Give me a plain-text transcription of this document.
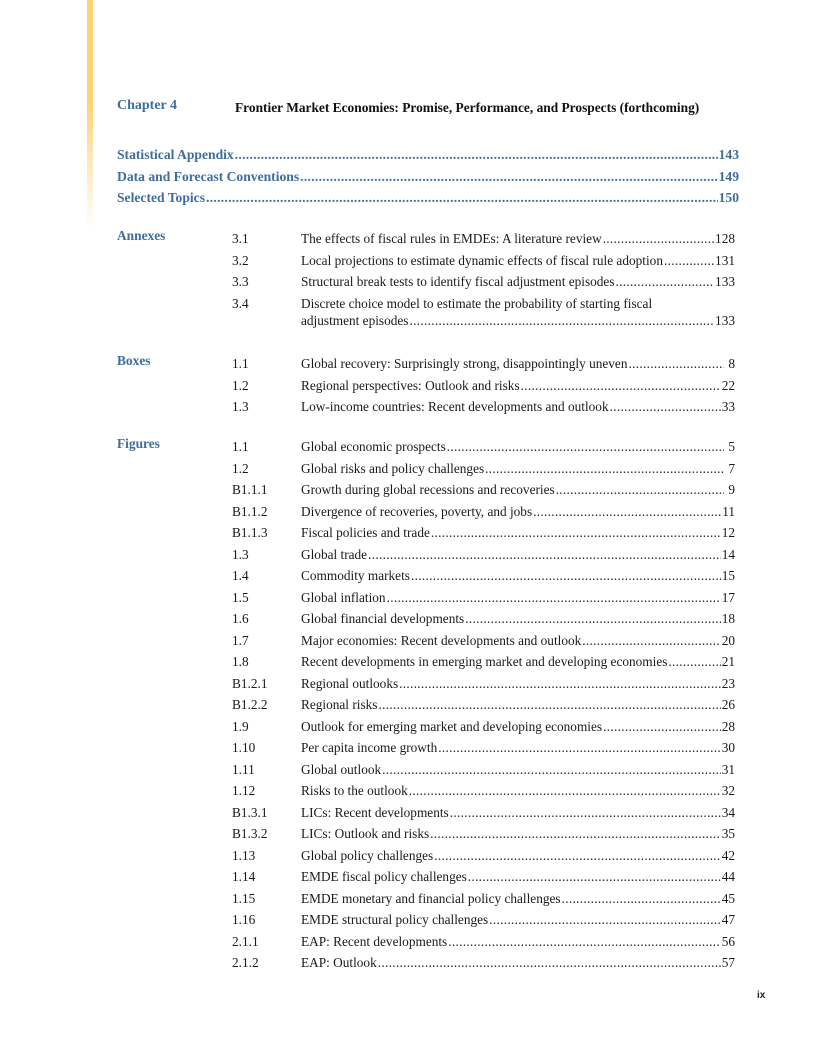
Chapter 4	Frontier Market Economies: Promise, Performance, and Prospects (forthcoming)
Statistical Appendix .....	143
Data and Forecast Conventions .....	149
Selected Topics .....	150
Annexes	3.1	The effects of fiscal rules in EMDEs: A literature review .....	128
3.2	Local projections to estimate dynamic effects of fiscal rule adoption .....	131
3.3	Structural break tests to identify fiscal adjustment episodes .....	133
3.4	Discrete choice model to estimate the probability of starting fiscal
adjustment episodes .....	133
Boxes	1.1	Global recovery: Surprisingly strong, disappointingly uneven .....	8
1.2	Regional perspectives: Outlook and risks .....	22
1.3	Low-income countries: Recent developments and outlook .....	33
Figures	1.1	Global economic prospects .....	5
1.2	Global risks and policy challenges .....	7
B1.1.1	Growth during global recessions and recoveries .....	9
B1.1.2	Divergence of recoveries, poverty, and jobs .....	11
B1.1.3	Fiscal policies and trade .....	12
1.3	Global trade .....	14
1.4	Commodity markets .....	15
1.5	Global inflation .....	17
1.6	Global financial developments .....	18
1.7	Major economies: Recent developments and outlook .....	20
1.8	Recent developments in emerging market and developing economies .....	21
B1.2.1	Regional outlooks .....	23
B1.2.2	Regional risks .....	26
1.9	Outlook for emerging market and developing economies .....	28
1.10	Per capita income growth .....	30
1.11	Global outlook .....	31
1.12	Risks to the outlook .....	32
B1.3.1	LICs: Recent developments .....	34
B1.3.2	LICs: Outlook and risks .....	35
1.13	Global policy challenges .....	42
1.14	EMDE fiscal policy challenges .....	44
1.15	EMDE monetary and financial policy challenges .....	45
1.16	EMDE structural policy challenges .....	47
2.1.1	EAP: Recent developments .....	56
2.1.2	EAP: Outlook .....	57
ix
